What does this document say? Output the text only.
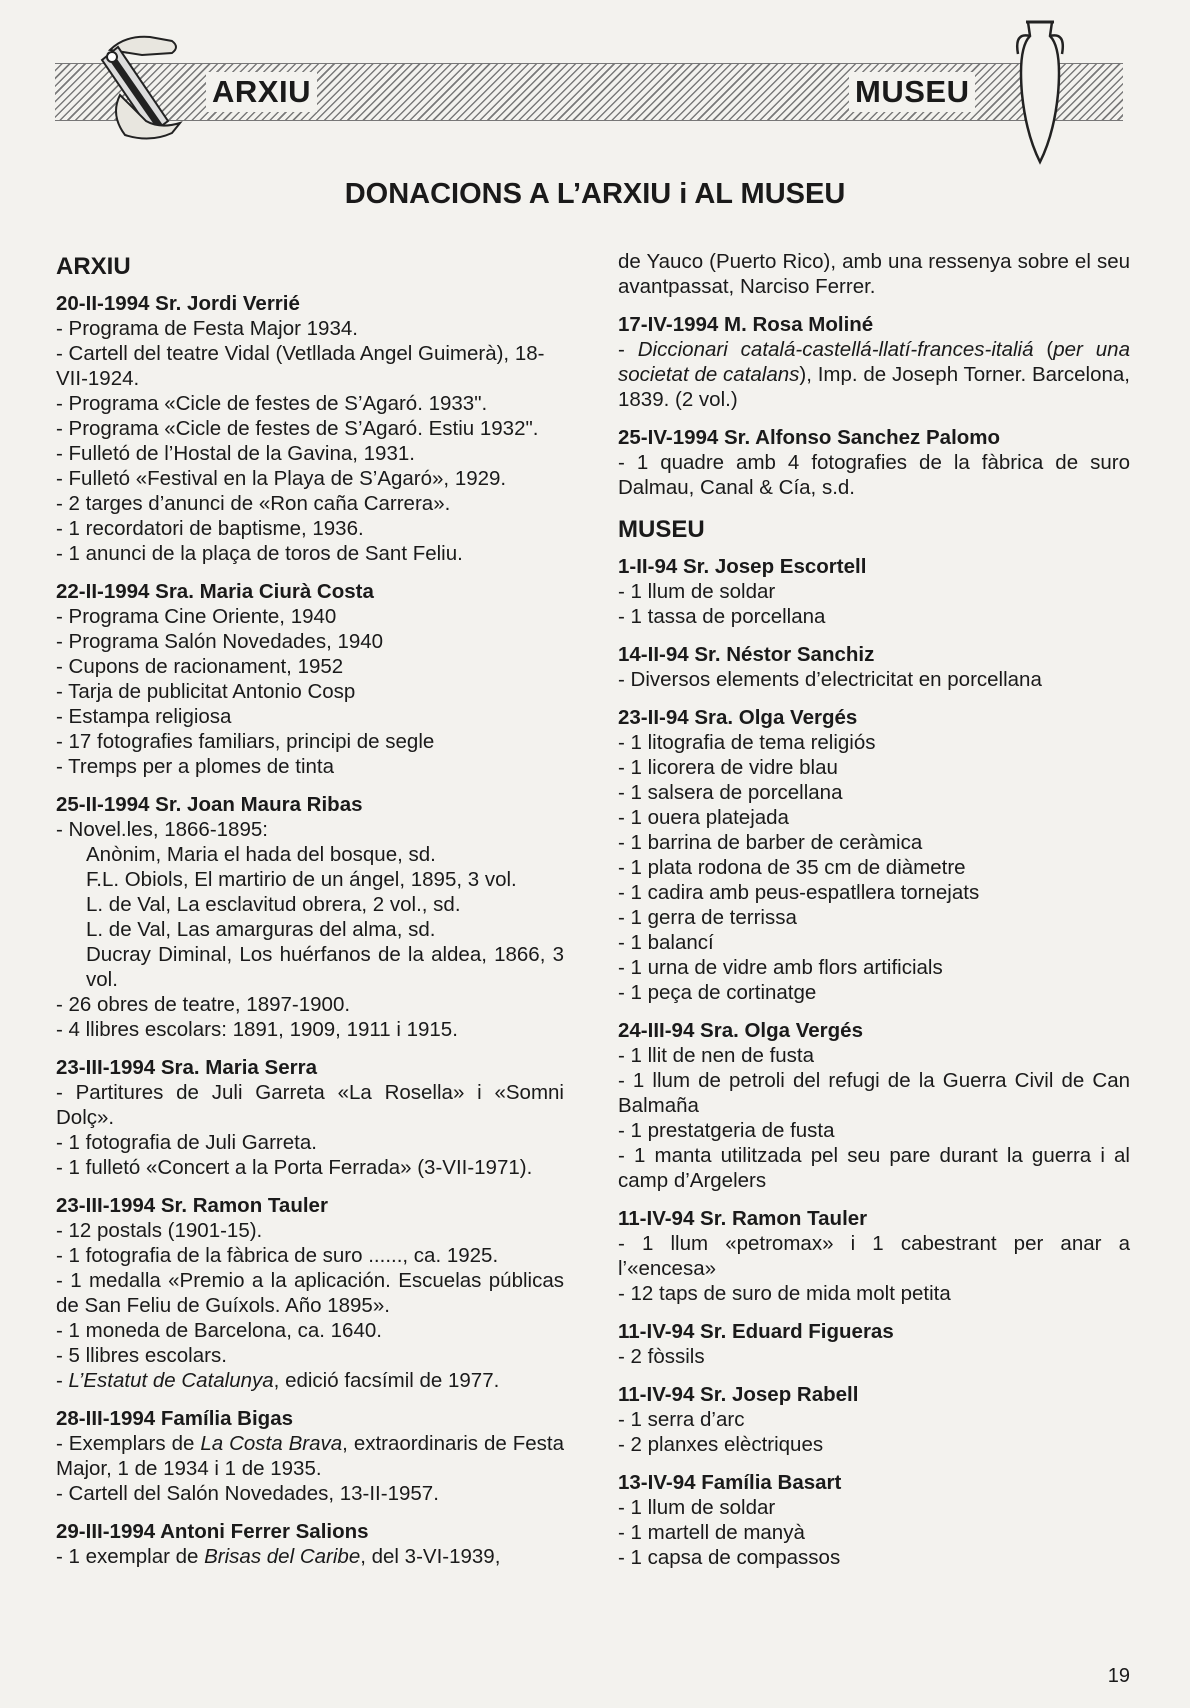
ARXIU	MUSEU
DONACIONS A L’ARXIU i AL MUSEU
ARXIU
20-II-1994 Sr. Jordi Verrié
- Programa de Festa Major 1934.
- Cartell del teatre Vidal (Vetllada Angel Guimerà), 18-VII-1924.
- Programa «Cicle de festes de S’Agaró. 1933".
- Programa «Cicle de festes de S’Agaró. Estiu 1932".
- Fulletó de l’Hostal de la Gavina, 1931.
- Fulletó «Festival en la Playa de S’Agaró», 1929.
- 2 targes d’anunci de «Ron caña Carrera».
- 1 recordatori de baptisme, 1936.
- 1 anunci de la plaça de toros de Sant Feliu.
22-II-1994 Sra. Maria Ciurà Costa
- Programa Cine Oriente, 1940
- Programa Salón Novedades, 1940
- Cupons de racionament, 1952
- Tarja de publicitat Antonio Cosp
- Estampa religiosa
- 17 fotografies familiars, principi de segle
- Tremps per a plomes de tinta
25-II-1994 Sr. Joan Maura Ribas
- Novel.les, 1866-1895:
Anònim, Maria el hada del bosque, sd.
F.L. Obiols, El martirio de un ángel, 1895, 3 vol.
L. de Val, La esclavitud obrera, 2 vol., sd.
L. de Val, Las amarguras del alma, sd.
Ducray Diminal, Los huérfanos de la aldea, 1866, 3 vol.
- 26 obres de teatre, 1897-1900.
- 4 llibres escolars: 1891, 1909, 1911 i 1915.
23-III-1994 Sra. Maria Serra
- Partitures de Juli Garreta «La Rosella» i «Somni Dolç».
- 1 fotografia de Juli Garreta.
- 1 fulletó «Concert a la Porta Ferrada» (3-VII-1971).
23-III-1994 Sr. Ramon Tauler
- 12 postals (1901-15).
- 1 fotografia de la fàbrica de suro ......, ca. 1925.
- 1 medalla «Premio a la aplicación. Escuelas públicas de San Feliu de Guíxols. Año 1895».
- 1 moneda de Barcelona, ca. 1640.
- 5 llibres escolars.
- L’Estatut de Catalunya, edició facsímil de 1977.
28-III-1994 Família Bigas
- Exemplars de La Costa Brava, extraordinaris de Festa Major, 1 de 1934 i 1 de 1935.
- Cartell del Salón Novedades, 13-II-1957.
29-III-1994 Antoni Ferrer Salions
- 1 exemplar de Brisas del Caribe, del 3-VI-1939,
de Yauco (Puerto Rico), amb una ressenya sobre el seu avantpassat, Narciso Ferrer.
17-IV-1994 M. Rosa Moliné
- Diccionari catalá-castellá-llatí-frances-italiá (per una societat de catalans), Imp. de Joseph Torner. Barcelona, 1839. (2 vol.)
25-IV-1994 Sr. Alfonso Sanchez Palomo
- 1 quadre amb 4 fotografies de la fàbrica de suro Dalmau, Canal & Cía, s.d.
MUSEU
1-II-94 Sr. Josep Escortell
- 1 llum de soldar
- 1 tassa de porcellana
14-II-94 Sr. Néstor Sanchiz
- Diversos elements d’electricitat en porcellana
23-II-94 Sra. Olga Vergés
- 1 litografia de tema religiós
- 1 licorera de vidre blau
- 1 salsera de porcellana
- 1 ouera platejada
- 1 barrina de barber de ceràmica
- 1 plata rodona de 35 cm de diàmetre
- 1 cadira amb peus-espatllera tornejats
- 1 gerra de terrissa
- 1 balancí
- 1 urna de vidre amb flors artificials
- 1 peça de cortinatge
24-III-94 Sra. Olga Vergés
- 1 llit de nen de fusta
- 1 llum de petroli del refugi de la Guerra Civil de Can Balmaña
- 1 prestatgeria de fusta
- 1 manta utilitzada pel seu pare durant la guerra i al camp d’Argelers
11-IV-94 Sr. Ramon Tauler
- 1 llum «petromax» i 1 cabestrant per anar a l’«encesa»
- 12 taps de suro de mida molt petita
11-IV-94 Sr. Eduard Figueras
- 2 fòssils
11-IV-94 Sr. Josep Rabell
- 1 serra d’arc
- 2 planxes elèctriques
13-IV-94 Família Basart
- 1 llum de soldar
- 1 martell de manyà
- 1 capsa de compassos
19
